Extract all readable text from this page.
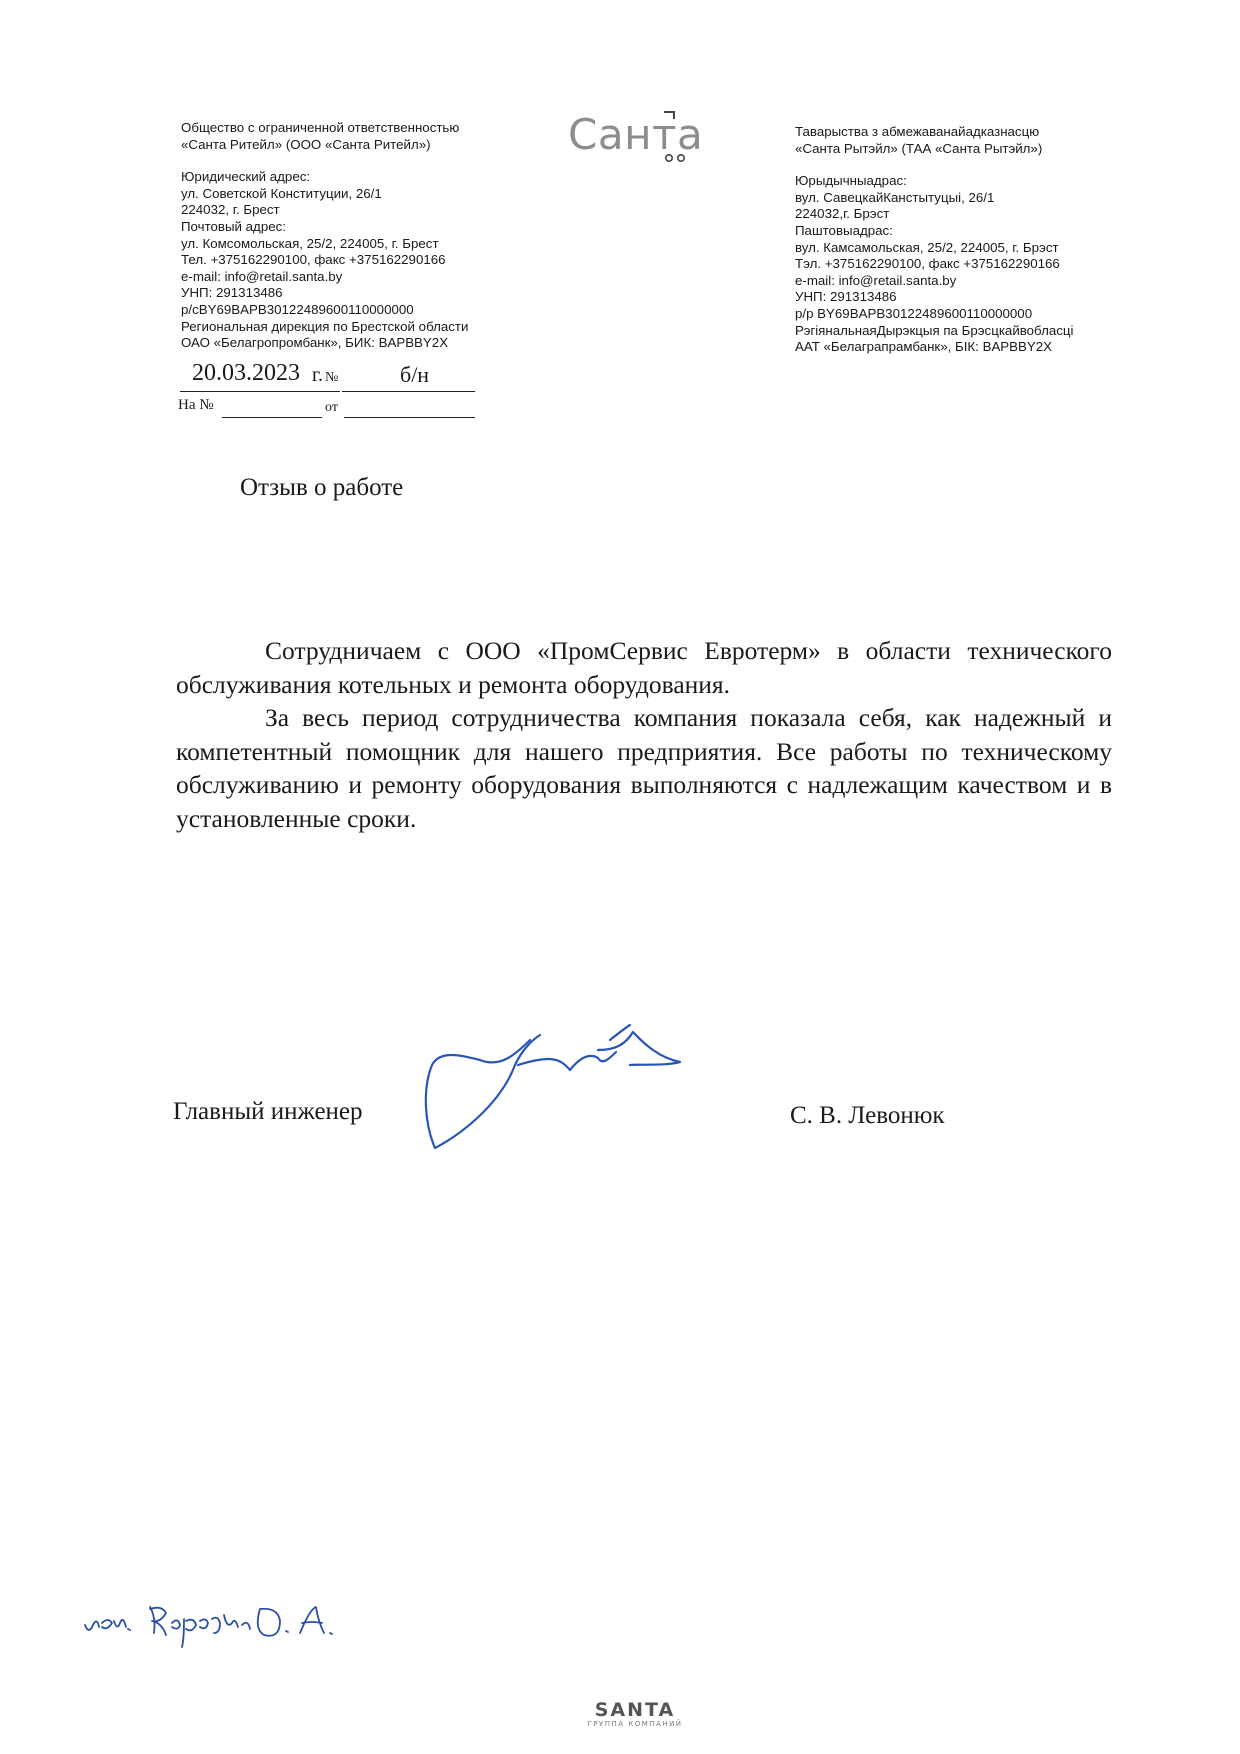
Общество с ограниченной ответственностью
«Санта Ритейл» (ООО «Санта Ритейл»)
Юридический адрес:
ул. Советской Конституции, 26/1
224032, г. Брест
Почтовый адрес:
ул. Комсомольская, 25/2, 224005, г. Брест
Тел. +375162290100, факс +375162290166
e-mail: info@retail.santa.by
УНП: 291313486
р/cBY69BAPB30122489600110000000
Региональная дирекция по Брестской области
ОАО «Белагропромбанк», БИК: BAPBBY2X
Санта	Таварыства з абмежаванайадказнасцю
«Санта Рытэйл» (ТАА «Санта Рытэйл»)
Юрыдычныадрас:
вул. СавецкайКанстытуцыі, 26/1
224032,г. Брэст
Паштовыадрас:
вул. Камсамольская, 25/2, 224005, г. Брэст
Тэл. +375162290100, факс +375162290166
e-mail: info@retail.santa.by
УНП: 291313486
р/р BY69BAPB30122489600110000000
РэгіянальнаяДырэкцыя па Брэсцкайвобласці
ААТ «Белаграпрамбанк», БIК: BAPBBY2X
20.03.2023 г. №	б/н
На №	от
Отзыв о работе

Сотрудничаем с ООО «ПромСервис Евротерм» в области технического обслуживания котельных и ремонта оборудования.

За весь период сотрудничества компания показала себя, как надежный и компетентный помощник для нашего предприятия. Все работы по техническому обслуживанию и ремонту оборудования выполняются с надлежащим качеством и в установленные сроки.

Главный инженер	С. В. Левонюк
SANTA
ГРУППА КОМПАНИЙ
